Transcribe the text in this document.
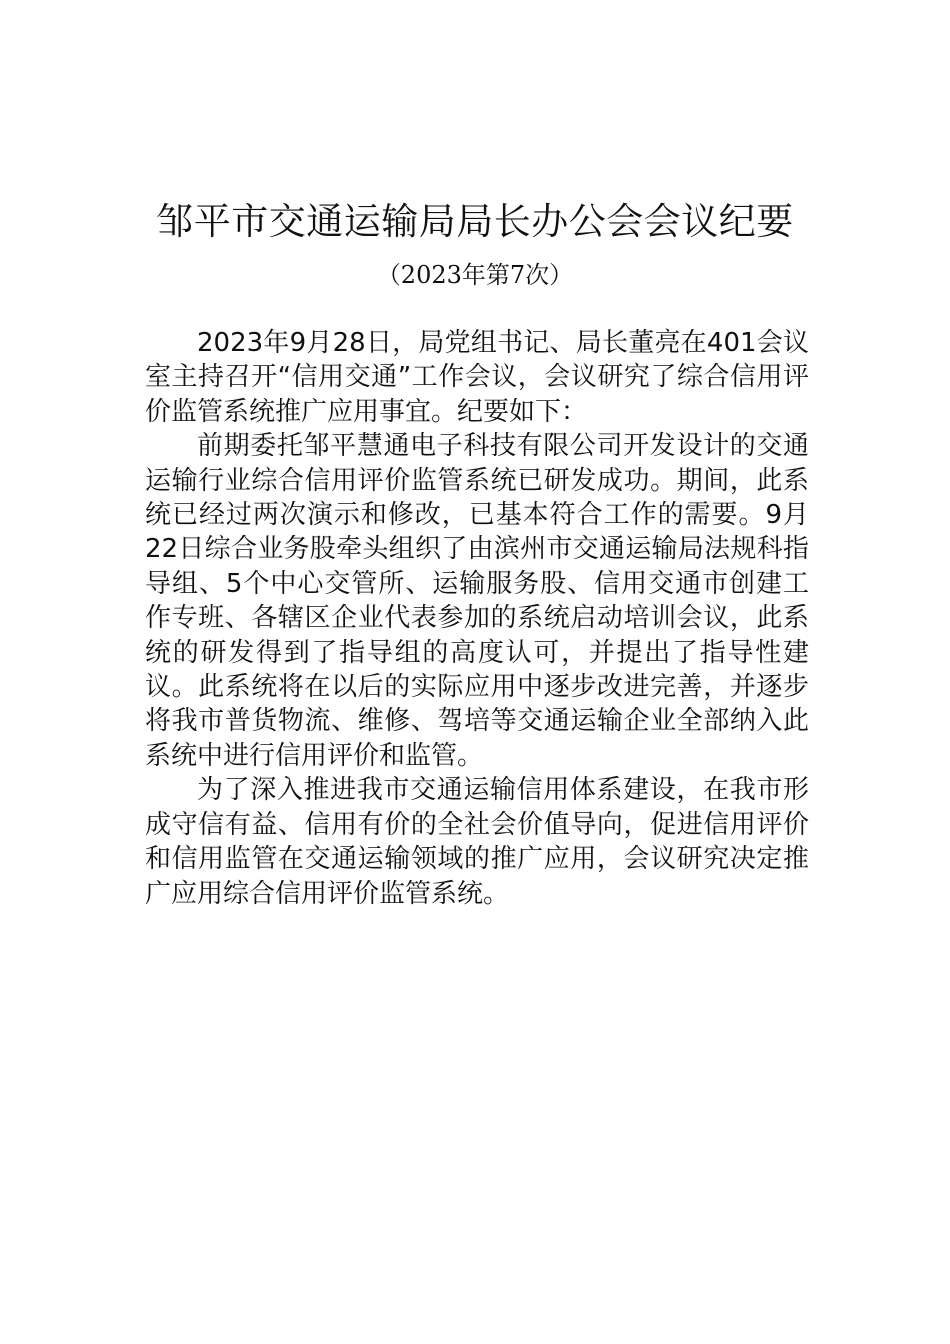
邹平市交通运输局局长办公会会议纪要
（2023年第7次）

2023年9月28日，局党组书记、局长董亮在401会议室主持召开“信用交通”工作会议，会议研究了综合信用评价监管系统推广应用事宜。纪要如下：

前期委托邹平慧通电子科技有限公司开发设计的交通运输行业综合信用评价监管系统已研发成功。期间，此系统已经过两次演示和修改，已基本符合工作的需要。9月22日综合业务股牵头组织了由滨州市交通运输局法规科指导组、5个中心交管所、运输服务股、信用交通市创建工作专班、各辖区企业代表参加的系统启动培训会议，此系统的研发得到了指导组的高度认可，并提出了指导性建议。此系统将在以后的实际应用中逐步改进完善，并逐步将我市普货物流、维修、驾培等交通运输企业全部纳入此系统中进行信用评价和监管。

为了深入推进我市交通运输信用体系建设，在我市形成守信有益、信用有价的全社会价值导向，促进信用评价和信用监管在交通运输领域的推广应用，会议研究决定推广应用综合信用评价监管系统。
